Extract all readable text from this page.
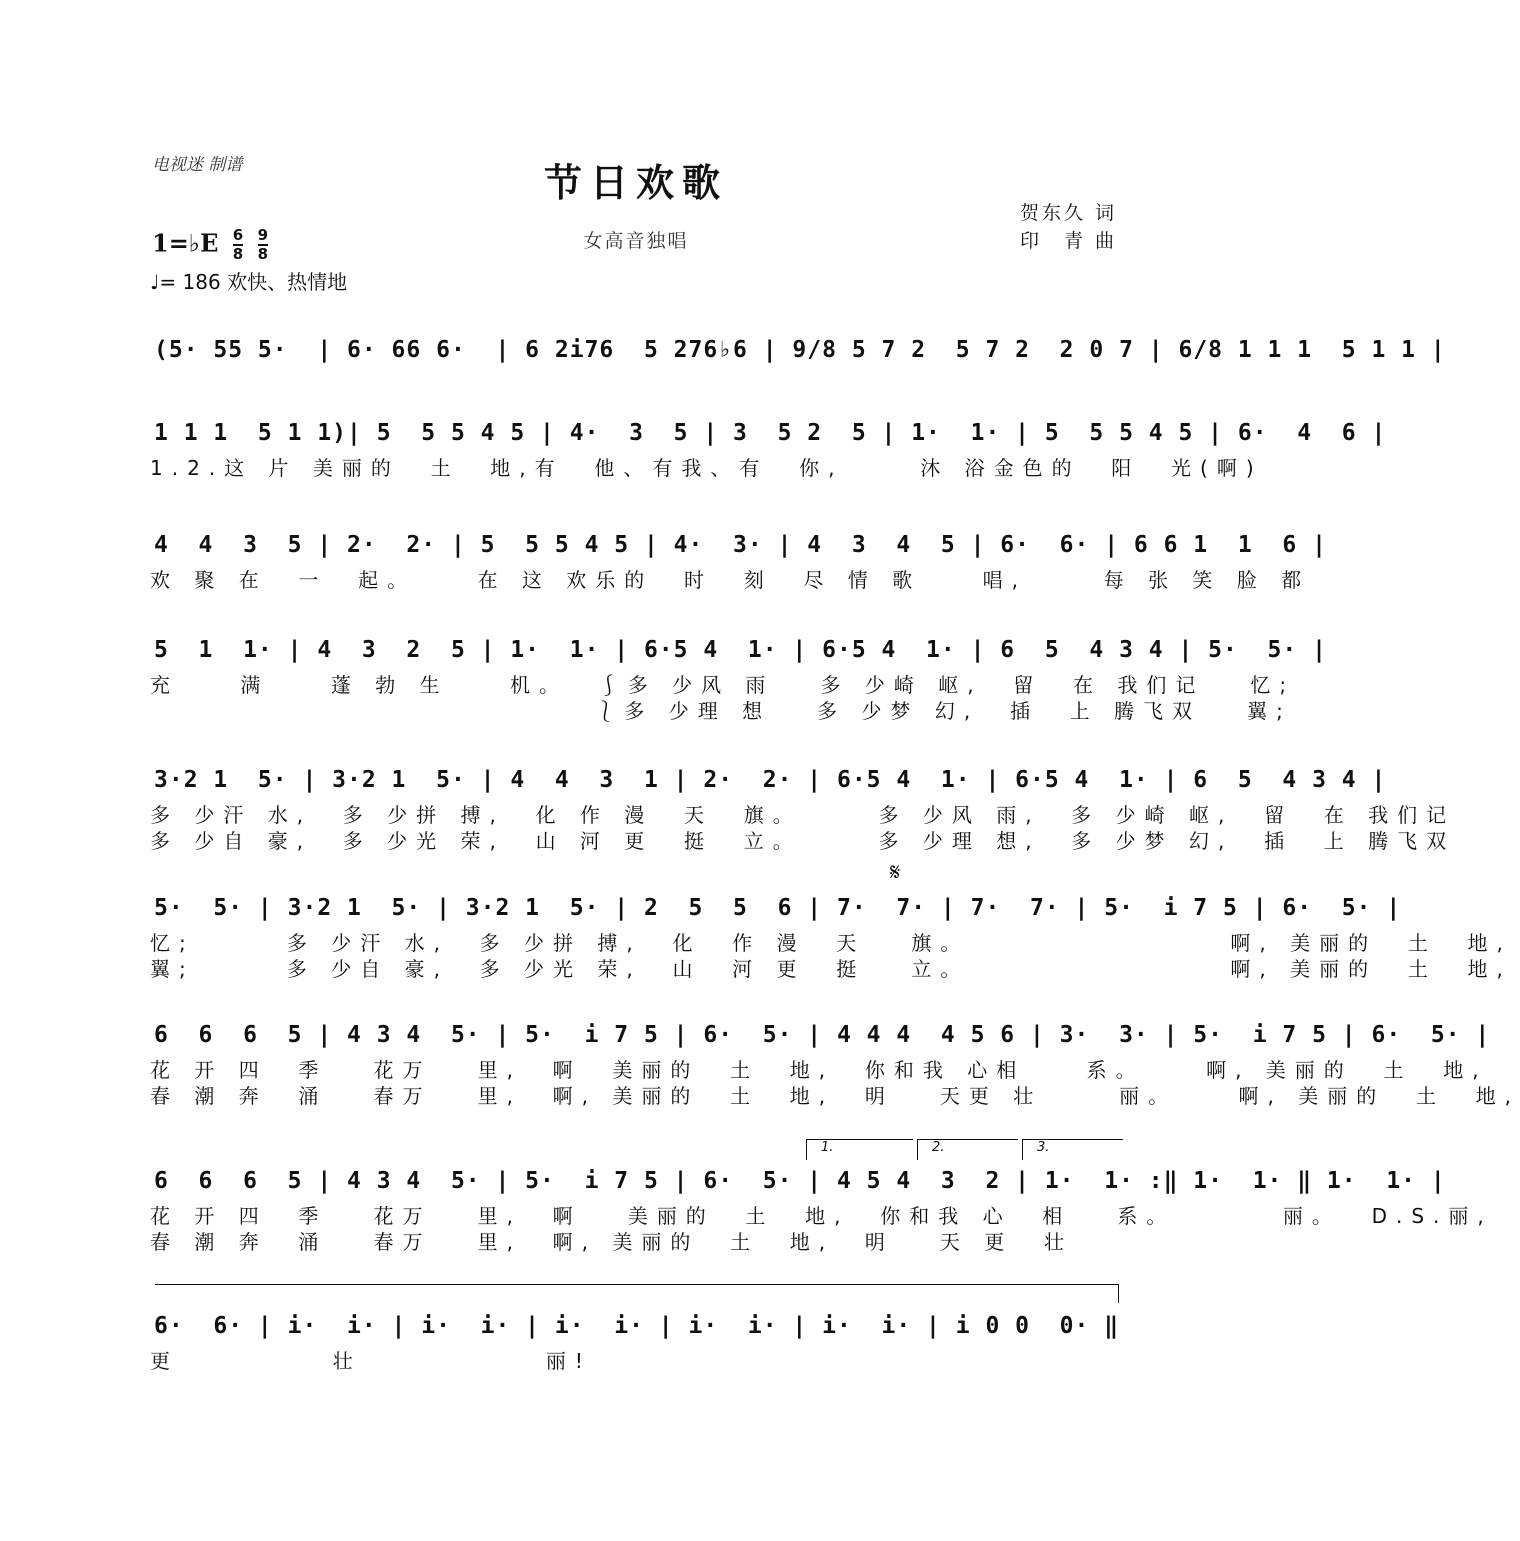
电视迷 制谱	节日欢歌
女高音独唱
贺东久 词
印　青 曲
1=♭E $\frac{6}{8}$
$\frac{9}{8}$
♩= 186 欢快、热情地
(5· 55 5·  | 6· 66 6·  | 6 2i76  5 276♭6 | 9/8 5 7 2  5 7 2  2 0 7 | 6/8 1 1 1  5 1 1 |
1 1 1  5 1 1)| 5  5 5 4 5 | 4·  3  5 | 3  5 2  5 | 1·  1· | 5  5 5 4 5 | 6·  4  6 |
1.2.这 片 美丽的  土  地,有  他、有我、有  你,     沐 浴金色的  阳  光(啊)
4  4  3  5 | 2·  2· | 5  5 5 4 5 | 4·  3· | 4  3  4  5 | 6·  6· | 6 6 1  1  6 |
欢 聚 在  一  起。    在 这 欢乐的  时  刻  尽 情 歌    唱,     每 张 笑 脸 都
5  1  1· | 4  3  2  5 | 1·  1· | 6·5 4  1· | 6·5 4  1· | 6  5  4 3 4 | 5·  5· |
充    满    蓬 勃 生    机。  ⎰多 少风 雨   多 少崎 岖,  留  在 我们记   忆;
⎱多 少理 想   多 少梦 幻,  插  上 腾飞双   翼;
3·2 1  5· | 3·2 1  5· | 4  4  3  1 | 2·  2· | 6·5 4  1· | 6·5 4  1· | 6  5  4 3 4 |
多 少汗 水,  多 少拼 搏,  化 作 漫  天  旗。     多 少风 雨,  多 少崎 岖,  留  在 我们记
多 少自 豪,  多 少光 荣,  山 河 更  挺  立。     多 少理 想,  多 少梦 幻,  插  上 腾飞双
𝄋
5·  5· | 3·2 1  5· | 3·2 1  5· | 2  5  5  6 | 7·  7· | 7·  7· | 5·  i 7 5 | 6·  5· |
忆;      多 少汗 水,  多 少拼 搏,  化  作 漫  天   旗。                 啊, 美丽的  土  地,
翼;      多 少自 豪,  多 少光 荣,  山  河 更  挺   立。                 啊, 美丽的  土  地,
6  6  6  5 | 4 3 4  5· | 5·  i 7 5 | 6·  5· | 4 4 4  4 5 6 | 3·  3· | 5·  i 7 5 | 6·  5· |
花 开 四  季   花万   里,  啊  美丽的  土  地,  你和我 心相    系。    啊, 美丽的  土  地,
春 潮 奔  涌   春万   里,  啊, 美丽的  土  地,  明   天更 壮     丽。    啊, 美丽的  土  地,
1.	2.	3.
6  6  6  5 | 4 3 4  5· | 5·  i 7 5 | 6·  5· | 4 5 4  3  2 | 1·  1· :‖ 1·  1· ‖ 1·  1· |
花 开 四  季   花万   里,  啊   美丽的  土  地,  你和我 心  相   系。       丽。  D.S.丽,
春 潮 奔  涌   春万   里,  啊, 美丽的  土  地,  明   天 更  壮
6·  6· | i·  i· | i·  i· | i·  i· | i·  i· | i·  i· | i 0 0  0· ‖
更          壮            丽!
